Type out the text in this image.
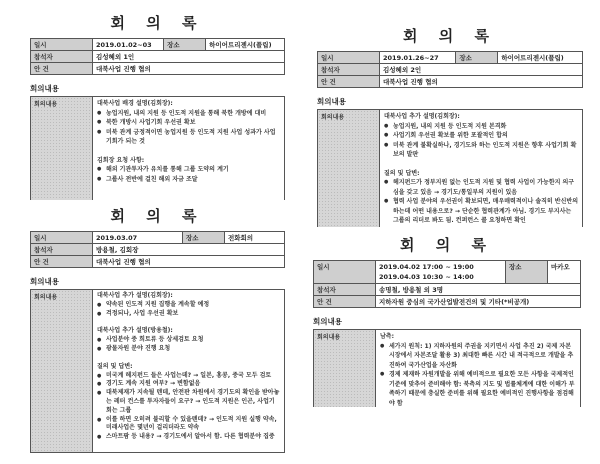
회 의 록
일시	2019.01.02~03	장소	하이어트리젠시(플립)
참석자	김성혜외 1인		
안 건	대북사업 진행 협의		
회의내용
회의내용	대북사업 배경 설명(김회장):
● 농업지원, 내의 지원 등 인도적 지원을 통해 북한 개방에 대비
● 북한 개방시 사업기회 우선권 확보
● 미북 관계 긍정적이면 농업지원 등 인도적 지원 사업 성과가 사업기회가 되는 것
김회장 요청 사항:
● 해외 기관투자가 유치를 통해 그룹 도약의 계기
● 그룹사 전반에 걸친 해외 자금 조달
회 의 록
일시	2019.01.26~27	장소	하이어트리젠시(플립)
참석자	김성혜외 2인		
안 건	대북사업 진행 협의		
회의내용
회의내용	대북사업 추가 설명(김회장):
● 농업지원, 내의 지원 등 인도적 지원 본격화
● 사업기회 우선권 확보를 위한 포괄적인 합의
● 미북 관계 불확실하나, 경기도와 하는 인도적 지원은 향후 사업기회 확보의 발판
질의 및 답변:
● 헤지펀드가 정부지원 없는 인도적 지원 및 협력 사업이 가능한지 의구심을 갖고 있음 → 경기도/통일부의 지원이 있음
● 협력 사업 분야의 우선권이 확보되면, 매우매력적이나 솔직히 반신반의하는데 어떤 내용으로? → 단순한 협력관계가 아님. 경기도 부지사는 그룹의 리더로 봐도 됨. 컨퍼런스 콜 요청하면 확인
회 의 록
일시	2019.03.07	장소	전화회의
참석자	방용철, 김회장		
안 건	대북사업 진행 협의		
회의내용
회의내용	대북사업 추가 설명(김회장):
● 약속된 인도적 지원 집행을 계속할 예정
● 걱정되나, 사업 우선권 확보
대북사업 추가 설명(방용철):
● 사업분야 중 희토류 등 상세검토 요청
● 광물자원 분야 진행 요청
질의 및 답변:
● 미국계 헤지펀드 들은 사업는데? → 일본, 홍콩, 중국 모두 검토
● 경기도 계속 지원 여부? → 변함없음
● 대북제재가 지속될 텐데, 안전판 차원에서 경기도의 확인을 받아놓는 레터 컨스를 투자자들이 요구? → 인도적 지원은 인곤, 사업기회는 그룹
● 이를 하면 오히려 불리할 수 있을텐데? → 인도적 지원 실행 약속, 미래사업은 몇년이 걸리더라도 약속
● 스마트팜 등 내용? → 경기도에서 알아서 함. 다른 협력분야 집중
회 의 록
일시	2019.04.02 17:00 ~ 19:00
2019.04.03 10:30 ~ 14:00	장소	마카오
참석자	송명철, 방용철 외 3명		
안 건	지하자원 중심의 국가산업발전건의 및 기타(*비공개)		
회의내용
회의내용	남측:
● 세가지 원칙: 1) 지하자원의 주권을 지키면서 사업 추진 2) 국제 자본시장에서 자본조달 활용 3) 최대한 빠른 시간 내 적극적으로 개발을 추진하여 국가산업을 자산화
● 경제 제재하 자원개발을 위해 예비적으로 필요한 모든 사항을 국제적인 기준에 맞추어 준비해야 함: 북측의 지도 및 법률체계에 대한 이해가 부족하기 때문에 충실한 준비를 위해 필요한 예비적인 진행사항을 점검해야 함
